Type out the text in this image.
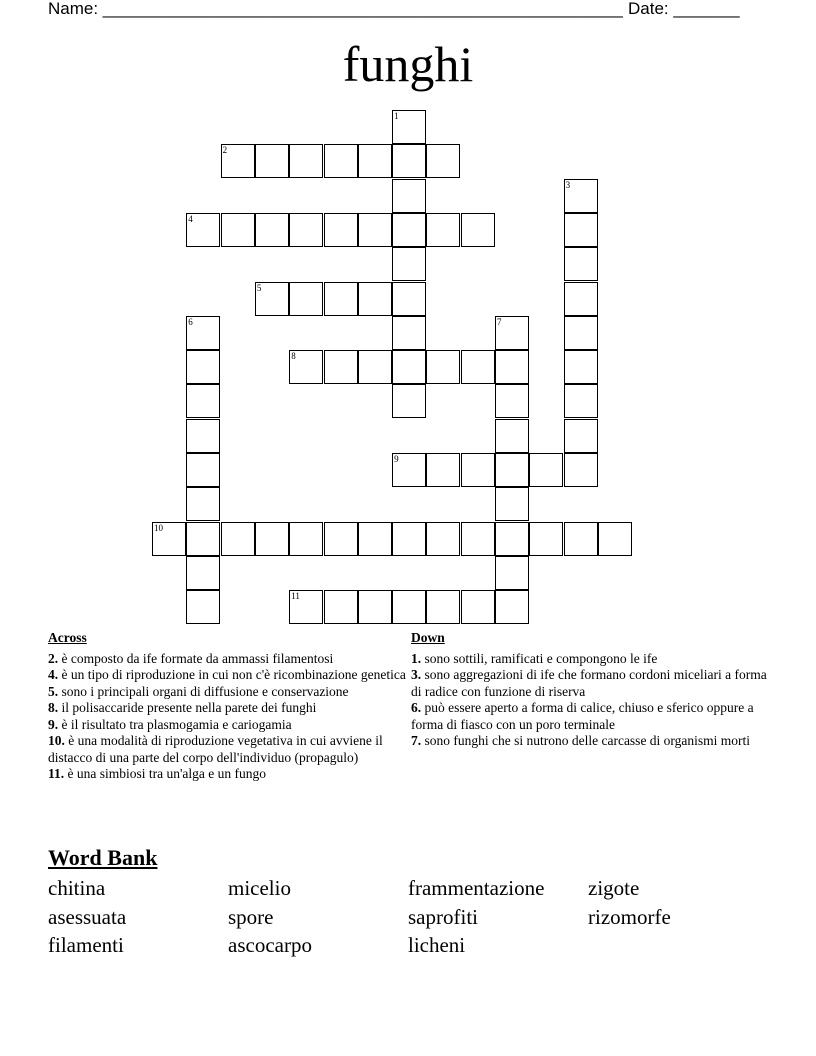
Name: _______________________________________________________ Date: _______
funghi
1
2
3
4
5
6	7
8
9
10
11
Across
2. è composto da ife formate da ammassi filamentosi
4. è un tipo di riproduzione in cui non c'è ricombinazione genetica
5. sono i principali organi di diffusione e conservazione
8. il polisaccaride presente nella parete dei funghi
9. è il risultato tra plasmogamia e cariogamia
10. è una modalità di riproduzione vegetativa in cui avviene il distacco di una parte del corpo dell'individuo (propagulo)
11. è una simbiosi tra un'alga e un fungo
Down
1. sono sottili, ramificati e compongono le ife
3. sono aggregazioni di ife che formano cordoni miceliari a forma di radice con funzione di riserva
6. può essere aperto a forma di calice, chiuso e sferico oppure a forma di fiasco con un poro terminale
7. sono funghi che si nutrono delle carcasse di organismi morti
Word Bank
chitina	micelio	frammentazione zigote
asessuata	spore	saprofiti	rizomorfe
filamenti	ascocarpo	licheni
